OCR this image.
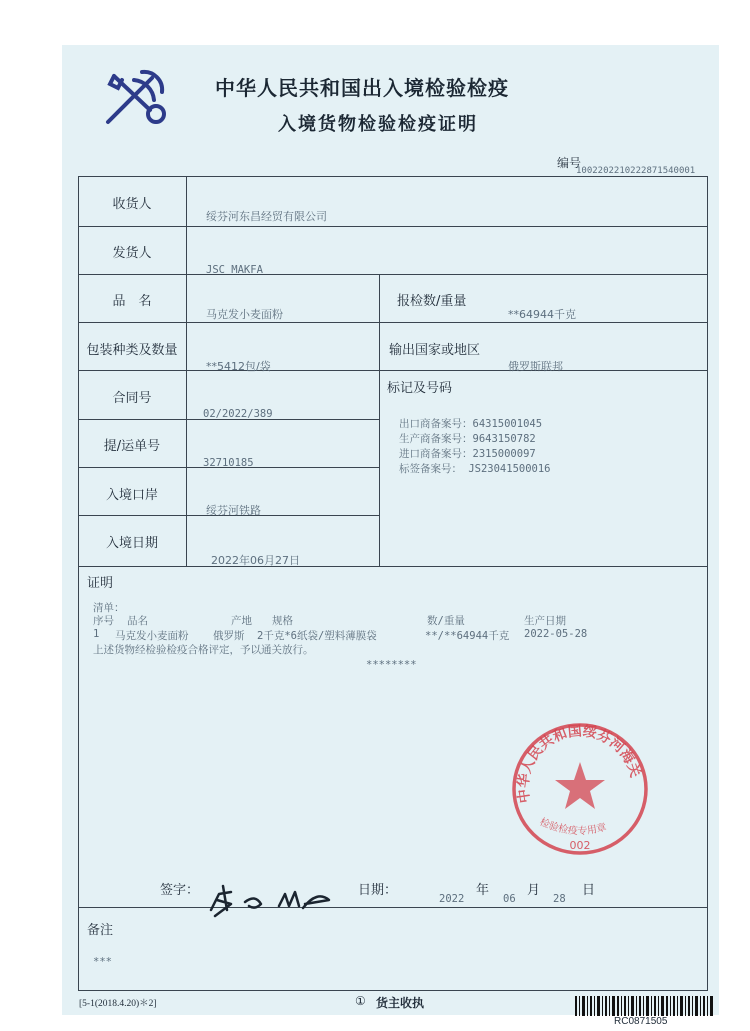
中华人民共和国出入境检验检疫
入境货物检验检疫证明
编号
1002202210222871540001
收货人
绥芬河东昌经贸有限公司
发货人
JSC MAKFA
品　名
马克发小麦面粉
报检数/重量
**64944千克
包装种类及数量
**5412包/袋
输出国家或地区
俄罗斯联邦
合同号
02/2022/389
标记及号码
出口商备案号：64315001045
生产商备案号：9643150782
进口商备案号：2315000097
标签备案号： JS23041500016
提/运单号
32710185
入境口岸
绥芬河铁路
入境日期
2022年06月27日
证明
清单：
序号 品名	产地 规格	数/重量	生产日期
1 马克发小麦面粉 俄罗斯 2千克*6纸袋/塑料薄膜袋	**/**64944千克 2022-05-28
上述货物经检验检疫合格评定，予以通关放行。
********
中华人民共和国绥芬河海关
检验检疫专用章
002
签字：	日期：	年	月	日
2022	06	28
备注
***
[5-1(2018.4.20)＊2]	① 货主收执
RC0871505
